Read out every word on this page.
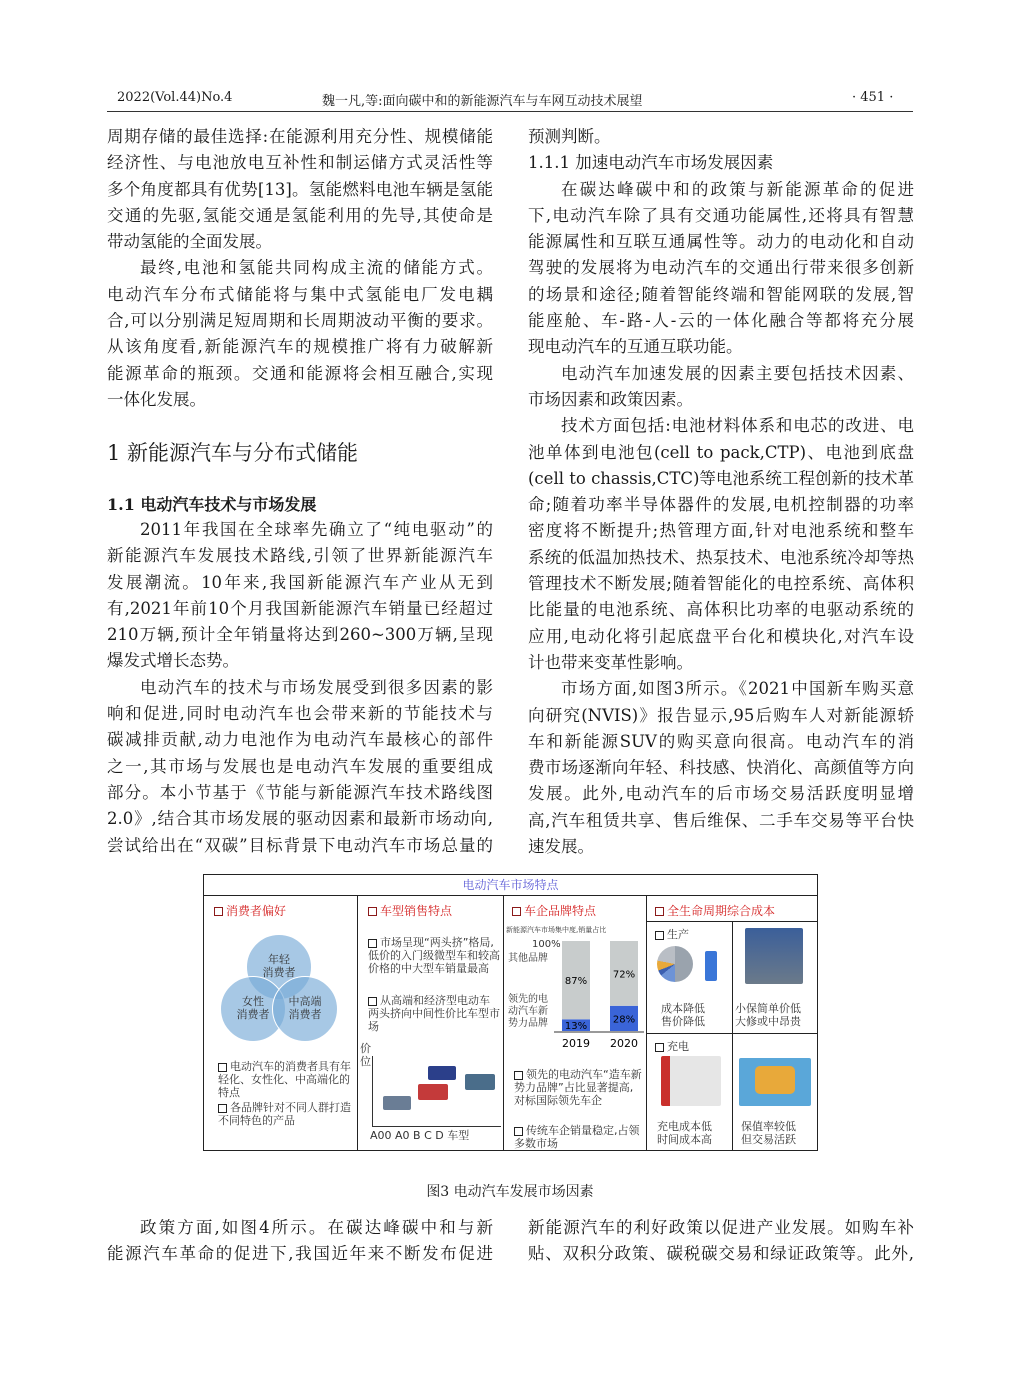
2022(Vol.44)No.4	魏一凡,等:面向碳中和的新能源汽车与车网互动技术展望	· 451 ·
周期存储的最佳选择:在能源利用充分性、规模储能
经济性、与电池放电互补性和制运储方式灵活性等
多个角度都具有优势[13]。氢能燃料电池车辆是氢能
交通的先驱,氢能交通是氢能利用的先导,其使命是
带动氢能的全面发展。
最终,电池和氢能共同构成主流的储能方式。
电动汽车分布式储能将与集中式氢能电厂发电耦
合,可以分别满足短周期和长周期波动平衡的要求。
从该角度看,新能源汽车的规模推广将有力破解新
能源革命的瓶颈。交通和能源将会相互融合,实现
一体化发展。
1 新能源汽车与分布式储能
1.1 电动汽车技术与市场发展
2011年我国在全球率先确立了“纯电驱动”的
新能源汽车发展技术路线,引领了世界新能源汽车
发展潮流。10年来,我国新能源汽车产业从无到
有,2021年前10个月我国新能源汽车销量已经超过
210万辆,预计全年销量将达到260~300万辆,呈现
爆发式增长态势。
电动汽车的技术与市场发展受到很多因素的影
响和促进,同时电动汽车也会带来新的节能技术与
碳减排贡献,动力电池作为电动汽车最核心的部件
之一,其市场与发展也是电动汽车发展的重要组成
部分。本小节基于《节能与新能源汽车技术路线图
2.0》,结合其市场发展的驱动因素和最新市场动向,
尝试给出在“双碳”目标背景下电动汽车市场总量的
预测判断。
1.1.1 加速电动汽车市场发展因素
在碳达峰碳中和的政策与新能源革命的促进
下,电动汽车除了具有交通功能属性,还将具有智慧
能源属性和互联互通属性等。动力的电动化和自动
驾驶的发展将为电动汽车的交通出行带来很多创新
的场景和途径;随着智能终端和智能网联的发展,智
能座舱、车-路-人-云的一体化融合等都将充分展
现电动汽车的互通互联功能。
电动汽车加速发展的因素主要包括技术因素、
市场因素和政策因素。
技术方面包括:电池材料体系和电芯的改进、电
池单体到电池包(cell to pack,CTP)、电池到底盘
(cell to chassis,CTC)等电池系统工程创新的技术革
命;随着功率半导体器件的发展,电机控制器的功率
密度将不断提升;热管理方面,针对电池系统和整车
系统的低温加热技术、热泵技术、电池系统冷却等热
管理技术不断发展;随着智能化的电控系统、高体积
比能量的电池系统、高体积比功率的电驱动系统的
应用,电动化将引起底盘平台化和模块化,对汽车设
计也带来变革性影响。
市场方面,如图3所示。《2021中国新车购买意
向研究(NVIS)》报告显示,95后购车人对新能源轿
车和新能源SUV的购买意向很高。电动汽车的消
费市场逐渐向年轻、科技感、快消化、高颜值等方向
发展。此外,电动汽车的后市场交易活跃度明显增
高,汽车租赁共享、售后维保、二手车交易等平台快
速发展。
电动汽车市场特点
消费者偏好
年轻
消费者
女性
消费者
中高端
消费者
电动汽车的消费者具有年轻化、女性化、中高端化的特点
各品牌针对不同人群打造不同特色的产品
车型销售特点
市场呈现“两头挤”格局,低价的入门级微型车和较高价格的中大型车销量最高
从高端和经济型电动车两头挤向中间性价比车型市场
价位
A00 A0 B C D 车型
车企品牌特点
新能源汽车市场集中度,销量占比
100%
其他品牌
领先的电动汽车新势力品牌	13%
87%
2019
28%
72%
2020
领先的电动汽车“造车新势力品牌”占比显著提高,对标国际领先车企
传统车企销量稳定,占领多数市场
全生命周期综合成本
生产
成本降低
售价降低
小保简单价低
大修或中昂贵
充电
充电成本低
时间成本高
保值率较低
但交易活跃
图3 电动汽车发展市场因素
政策方面,如图4所示。在碳达峰碳中和与新
能源汽车革命的促进下,我国近年来不断发布促进
新能源汽车的利好政策以促进产业发展。如购车补
贴、双积分政策、碳税碳交易和绿证政策等。此外,
